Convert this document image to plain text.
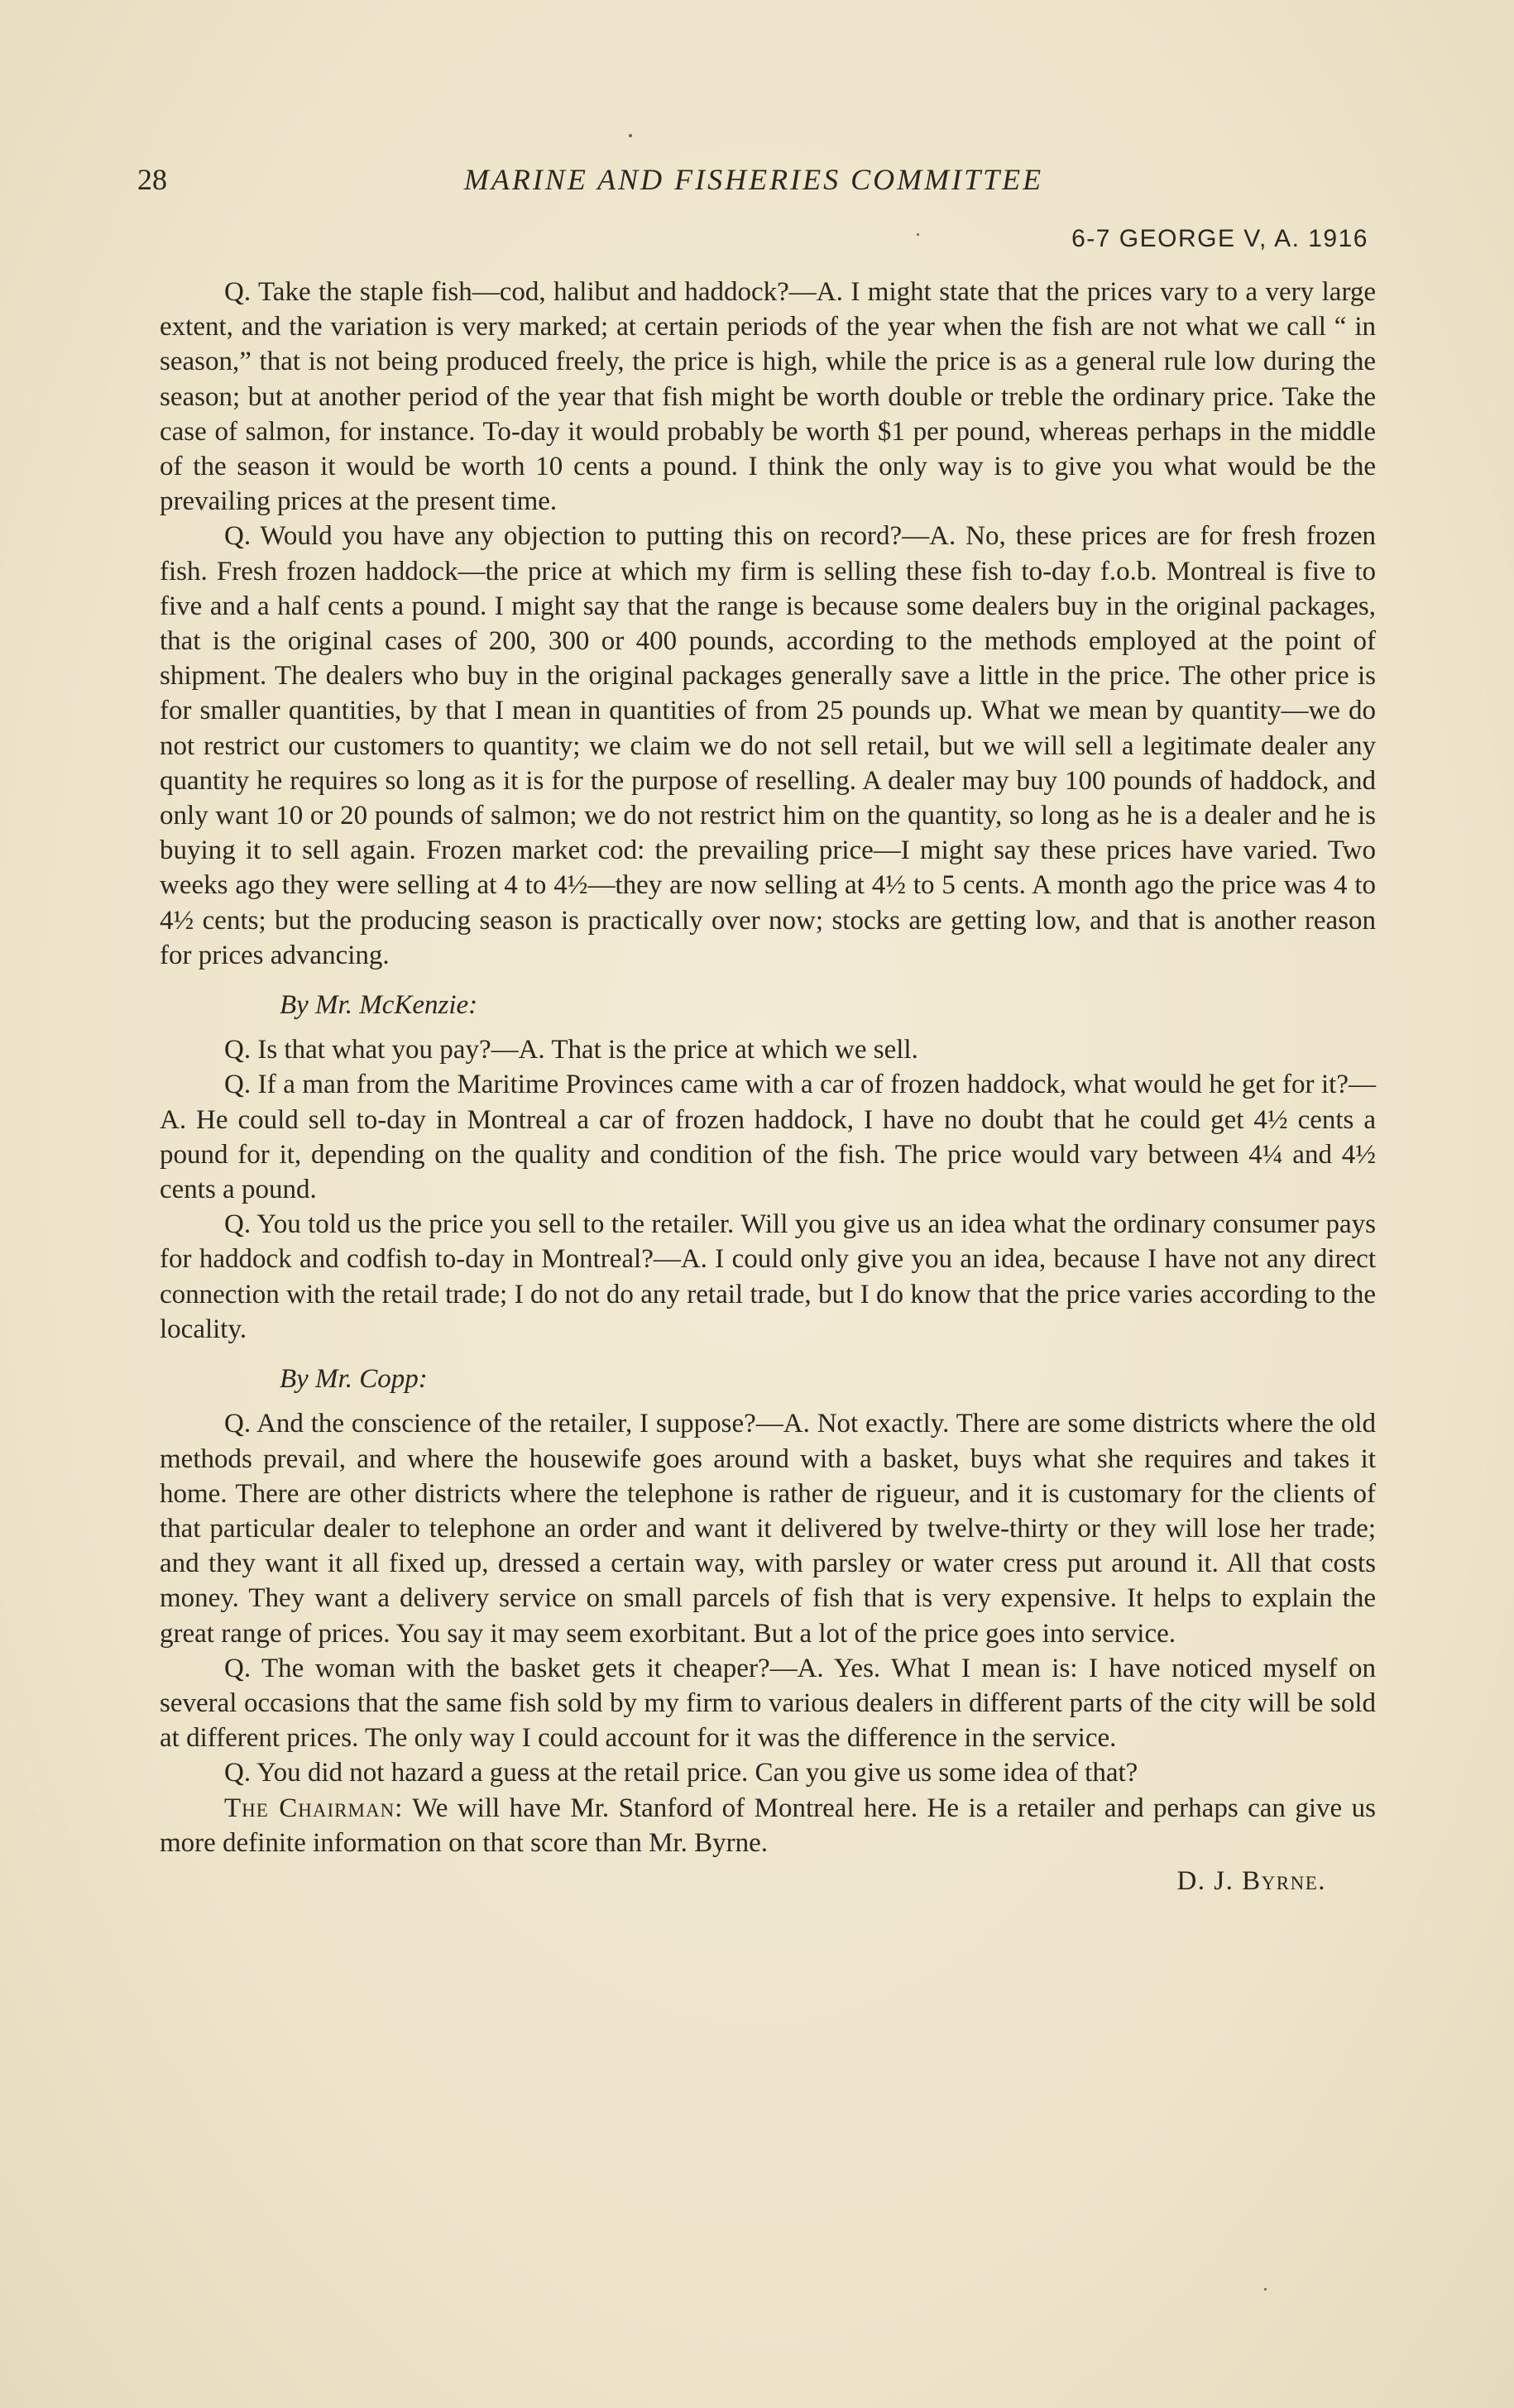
28	MARINE AND FISHERIES COMMITTEE
6-7 GEORGE V, A. 1916

Q. Take the staple fish—cod, halibut and haddock?—A. I might state that the prices vary to a very large extent, and the variation is very marked; at certain periods of the year when the fish are not what we call “ in season,” that is not being produced freely, the price is high, while the price is as a general rule low during the season; but at another period of the year that fish might be worth double or treble the ordinary price. Take the case of salmon, for instance. To-day it would probably be worth $1 per pound, whereas perhaps in the middle of the season it would be worth 10 cents a pound. I think the only way is to give you what would be the prevailing prices at the present time.

Q. Would you have any objection to putting this on record?—A. No, these prices are for fresh frozen fish. Fresh frozen haddock—the price at which my firm is selling these fish to-day f.o.b. Montreal is five to five and a half cents a pound. I might say that the range is because some dealers buy in the original packages, that is the original cases of 200, 300 or 400 pounds, according to the methods employed at the point of shipment. The dealers who buy in the original packages generally save a little in the price. The other price is for smaller quantities, by that I mean in quantities of from 25 pounds up. What we mean by quantity—we do not restrict our customers to quantity; we claim we do not sell retail, but we will sell a legitimate dealer any quantity he requires so long as it is for the purpose of reselling. A dealer may buy 100 pounds of haddock, and only want 10 or 20 pounds of salmon; we do not restrict him on the quantity, so long as he is a dealer and he is buying it to sell again. Frozen market cod: the prevailing price—I might say these prices have varied. Two weeks ago they were selling at 4 to 4½—they are now selling at 4½ to 5 cents. A month ago the price was 4 to 4½ cents; but the producing season is practically over now; stocks are getting low, and that is another reason for prices advancing.

By Mr. McKenzie:

Q. Is that what you pay?—A. That is the price at which we sell.

Q. If a man from the Maritime Provinces came with a car of frozen haddock, what would he get for it?—A. He could sell to-day in Montreal a car of frozen haddock, I have no doubt that he could get 4½ cents a pound for it, depending on the quality and condition of the fish. The price would vary between 4¼ and 4½ cents a pound.

Q. You told us the price you sell to the retailer. Will you give us an idea what the ordinary consumer pays for haddock and codfish to-day in Montreal?—A. I could only give you an idea, because I have not any direct connection with the retail trade; I do not do any retail trade, but I do know that the price varies according to the locality.

By Mr. Copp:

Q. And the conscience of the retailer, I suppose?—A. Not exactly. There are some districts where the old methods prevail, and where the housewife goes around with a basket, buys what she requires and takes it home. There are other districts where the telephone is rather de rigueur, and it is customary for the clients of that particular dealer to telephone an order and want it delivered by twelve-thirty or they will lose her trade; and they want it all fixed up, dressed a certain way, with parsley or water cress put around it. All that costs money. They want a delivery service on small parcels of fish that is very expensive. It helps to explain the great range of prices. You say it may seem exorbitant. But a lot of the price goes into service.

Q. The woman with the basket gets it cheaper?—A. Yes. What I mean is: I have noticed myself on several occasions that the same fish sold by my firm to various dealers in different parts of the city will be sold at different prices. The only way I could account for it was the difference in the service.

Q. You did not hazard a guess at the retail price. Can you give us some idea of that?

The Chairman: We will have Mr. Stanford of Montreal here. He is a retailer and perhaps can give us more definite information on that score than Mr. Byrne.

D. J. Byrne.
